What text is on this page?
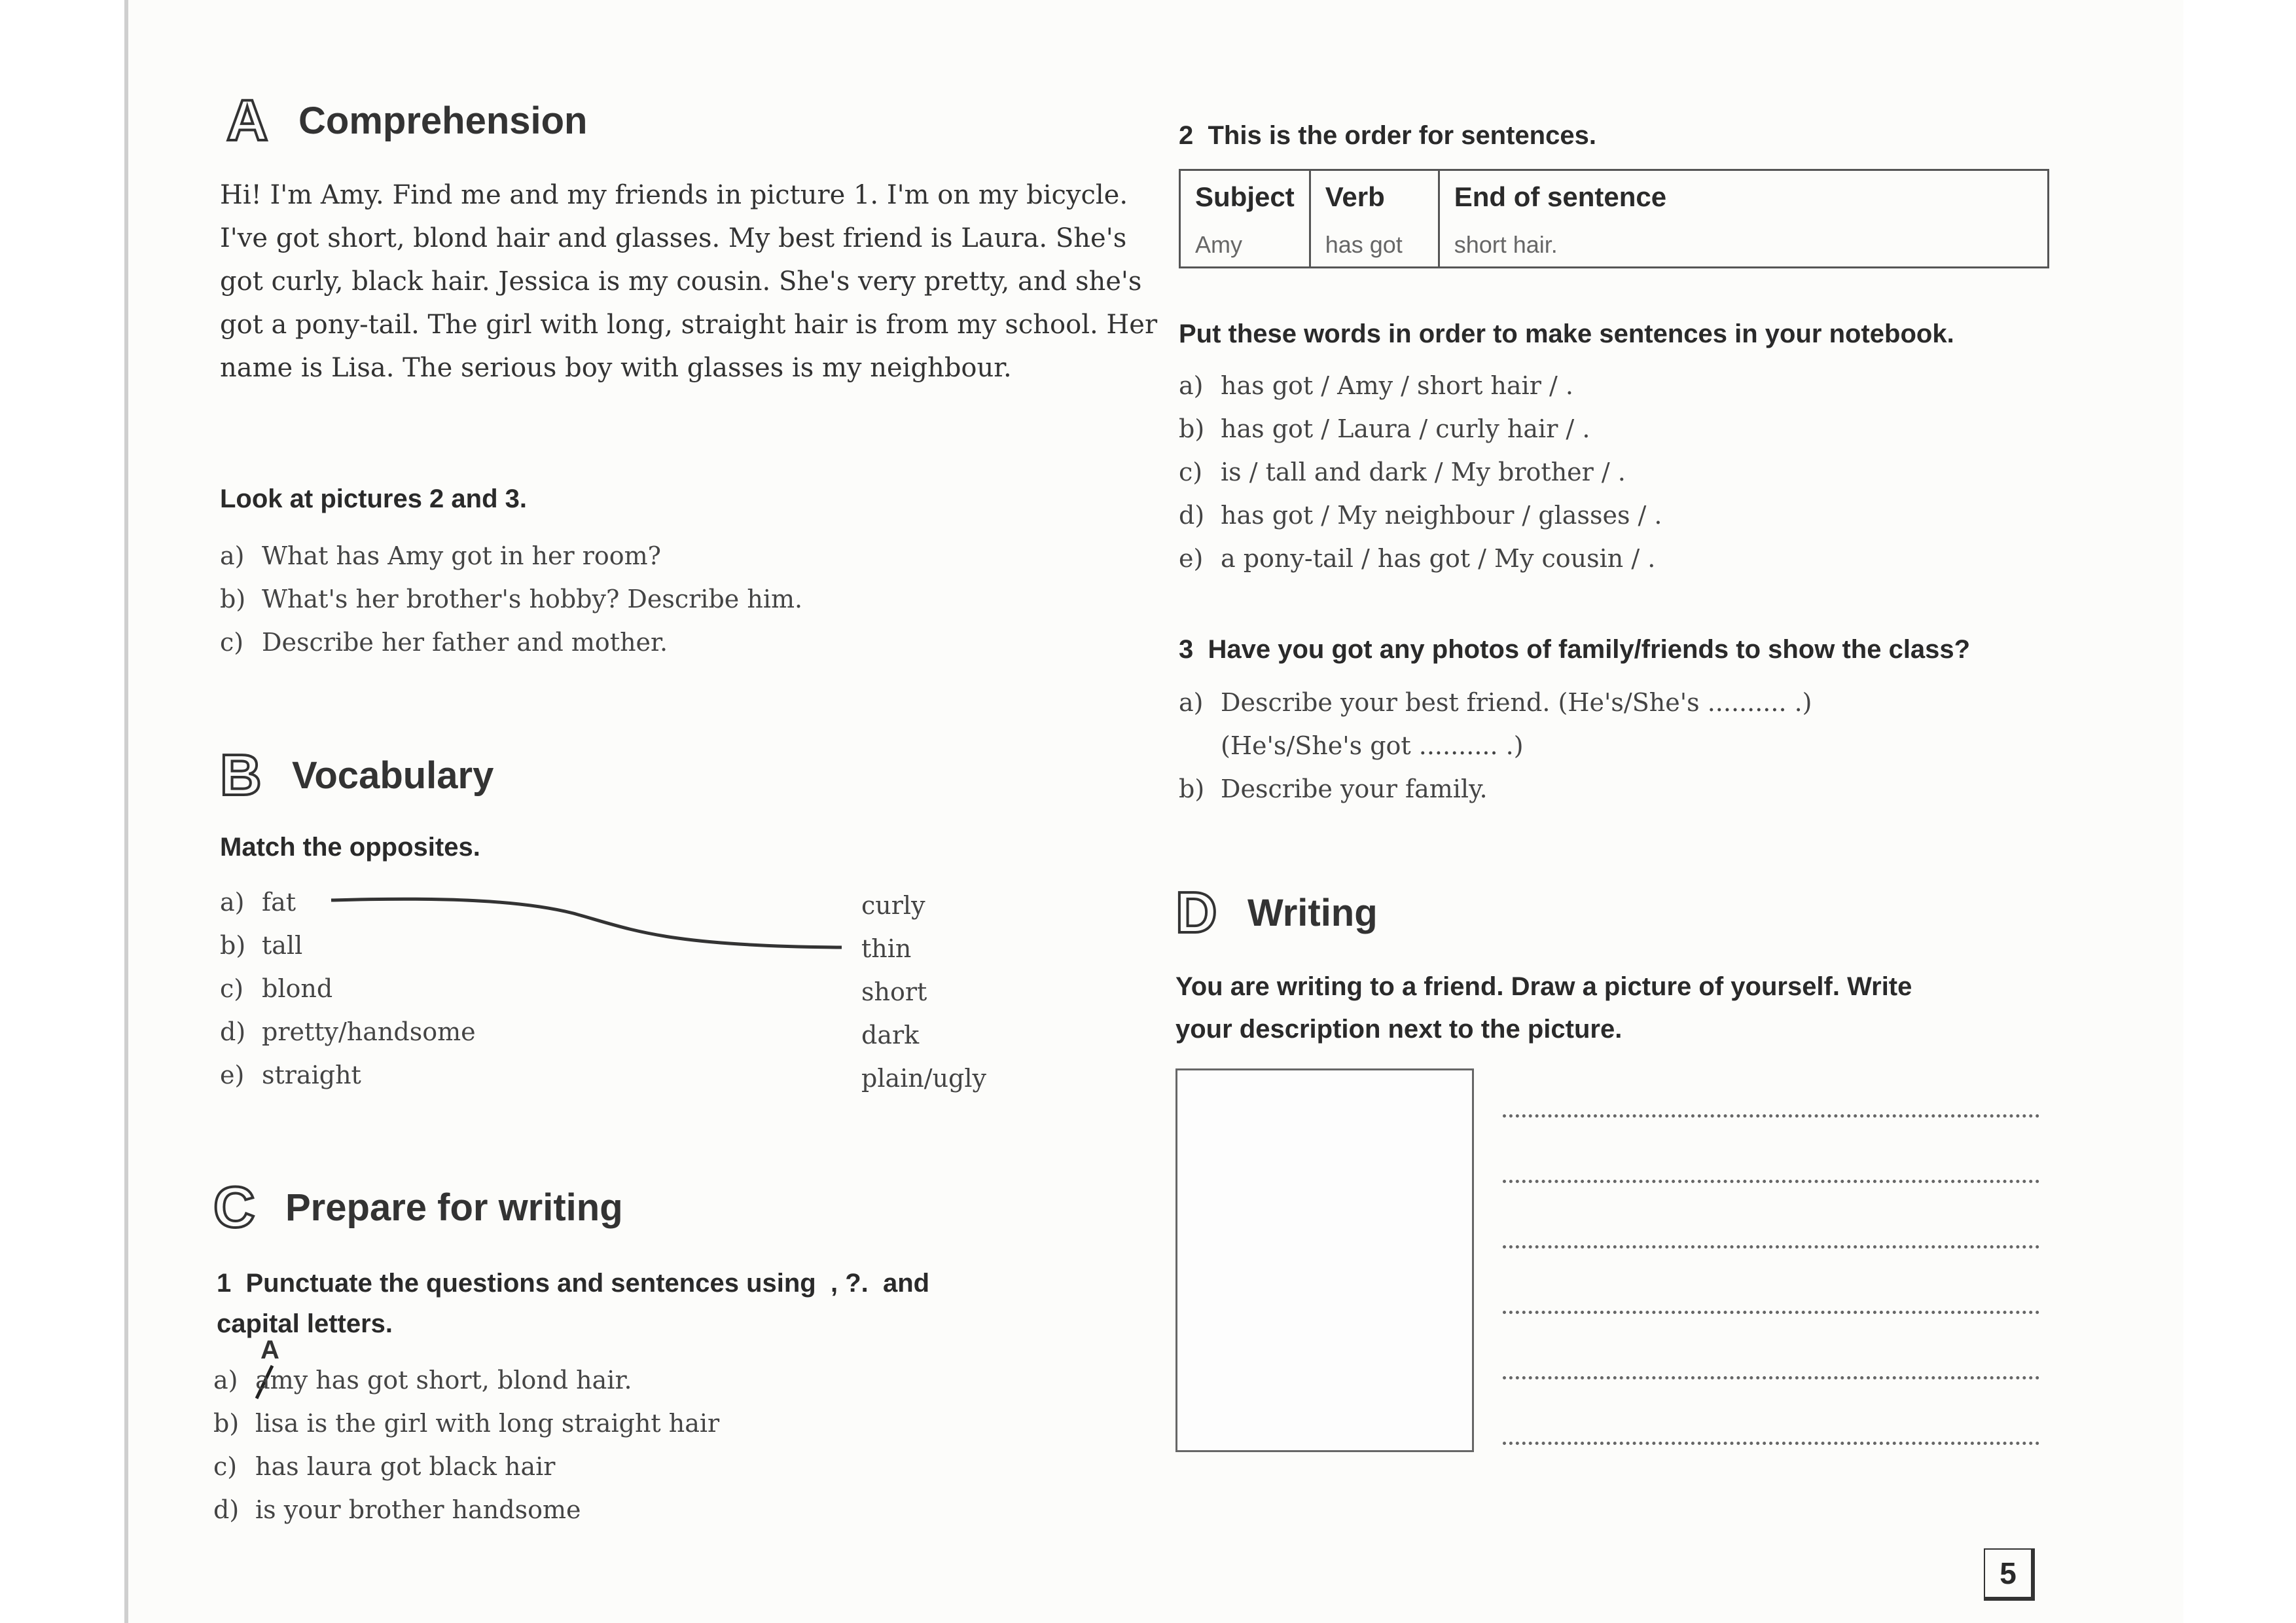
A Comprehension
Hi! I'm Amy. Find me and my friends in picture 1. I'm on my bicycle. I've got short, blond hair and glasses. My best friend is Laura. She's got curly, black hair. Jessica is my cousin. She's very pretty, and she's got a pony-tail. The girl with long, straight hair is from my school. Her name is Lisa. The serious boy with glasses is my neighbour.
Look at pictures 2 and 3.
a) What has Amy got in her room?
b) What's her brother's hobby? Describe him.
c) Describe her father and mother.
B Vocabulary
Match the opposites.
a) fat
b) tall
c) blond
d) pretty/handsome
e) straight
curly
thin
short
dark
plain/ugly
C Prepare for writing
1  Punctuate the questions and sentences using  , ?.  and
capital letters.
A
a) amy has got short, blond hair.
b) lisa is the girl with long straight hair
c) has laura got black hair
d) is your brother handsome
2  This is the order for sentences.
Subject	Verb	End of sentence
Amy	has got	short hair.
Put these words in order to make sentences in your notebook.
a) has got / Amy / short hair / .
b) has got / Laura / curly hair / .
c) is / tall and dark / My brother / .
d) has got / My neighbour / glasses / .
e) a pony-tail / has got / My cousin / .
3  Have you got any photos of family/friends to show the class?
a) Describe your best friend. (He's/She's .......... .)
(He's/She's got .......... .)
b) Describe your family.
D Writing
You are writing to a friend. Draw a picture of yourself. Write
your description next to the picture.
5
